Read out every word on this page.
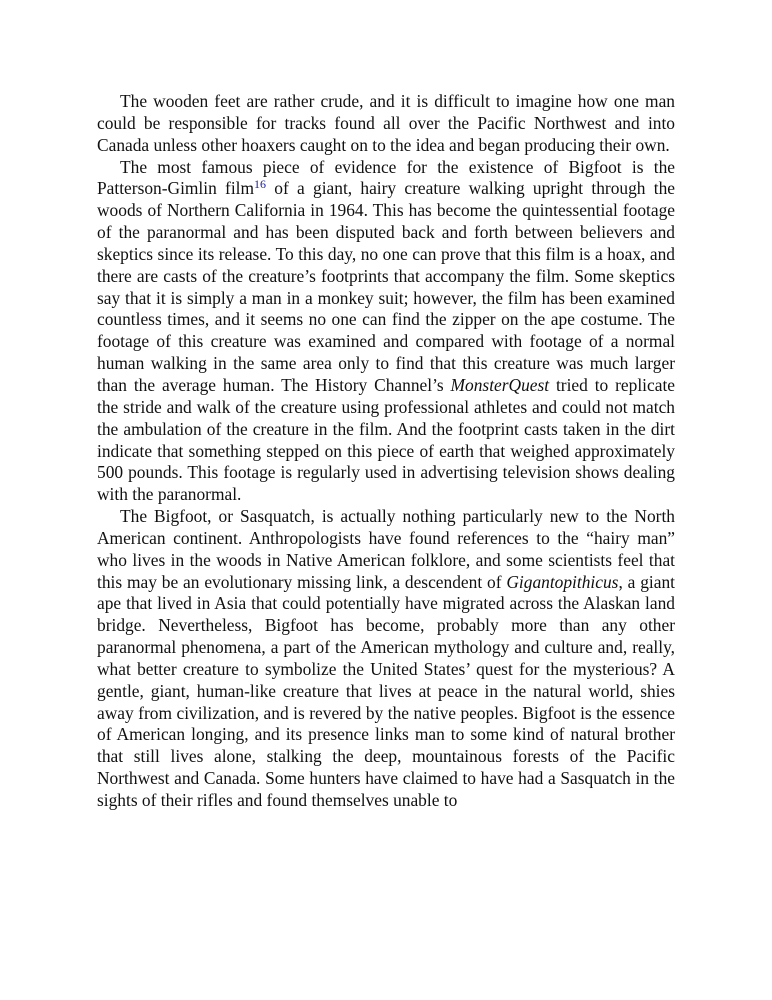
The wooden feet are rather crude, and it is difficult to imagine how one man could be responsible for tracks found all over the Pacific Northwest and into Canada unless other hoaxers caught on to the idea and began producing their own.

The most famous piece of evidence for the existence of Bigfoot is the Patterson-Gimlin film$^{16}$ of a giant, hairy creature walking upright through the woods of Northern California in 1964. This has become the quintessential footage of the paranormal and has been disputed back and forth between believers and skeptics since its release. To this day, no one can prove that this film is a hoax, and there are casts of the creature’s footprints that accompany the film. Some skeptics say that it is simply a man in a monkey suit; however, the film has been examined countless times, and it seems no one can find the zipper on the ape costume. The footage of this creature was examined and compared with footage of a normal human walking in the same area only to find that this creature was much larger than the average human. The History Channel’s MonsterQuest tried to replicate the stride and walk of the creature using professional athletes and could not match the ambulation of the creature in the film. And the footprint casts taken in the dirt indicate that something stepped on this piece of earth that weighed approximately 500 pounds. This footage is regularly used in advertising television shows dealing with the paranormal.

The Bigfoot, or Sasquatch, is actually nothing particularly new to the North American continent. Anthropologists have found references to the “hairy man” who lives in the woods in Native American folklore, and some scientists feel that this may be an evolutionary missing link, a descendent of Gigantopithicus, a giant ape that lived in Asia that could potentially have migrated across the Alaskan land bridge. Nevertheless, Bigfoot has become, probably more than any other paranormal phenomena, a part of the American mythology and culture and, really, what better creature to symbolize the United States’ quest for the mysterious? A gentle, giant, human-like creature that lives at peace in the natural world, shies away from civilization, and is revered by the native peoples. Bigfoot is the essence of American longing, and its presence links man to some kind of natural brother that still lives alone, stalking the deep, mountainous forests of the Pacific Northwest and Canada. Some hunters have claimed to have had a Sasquatch in the sights of their rifles and found themselves unable to
